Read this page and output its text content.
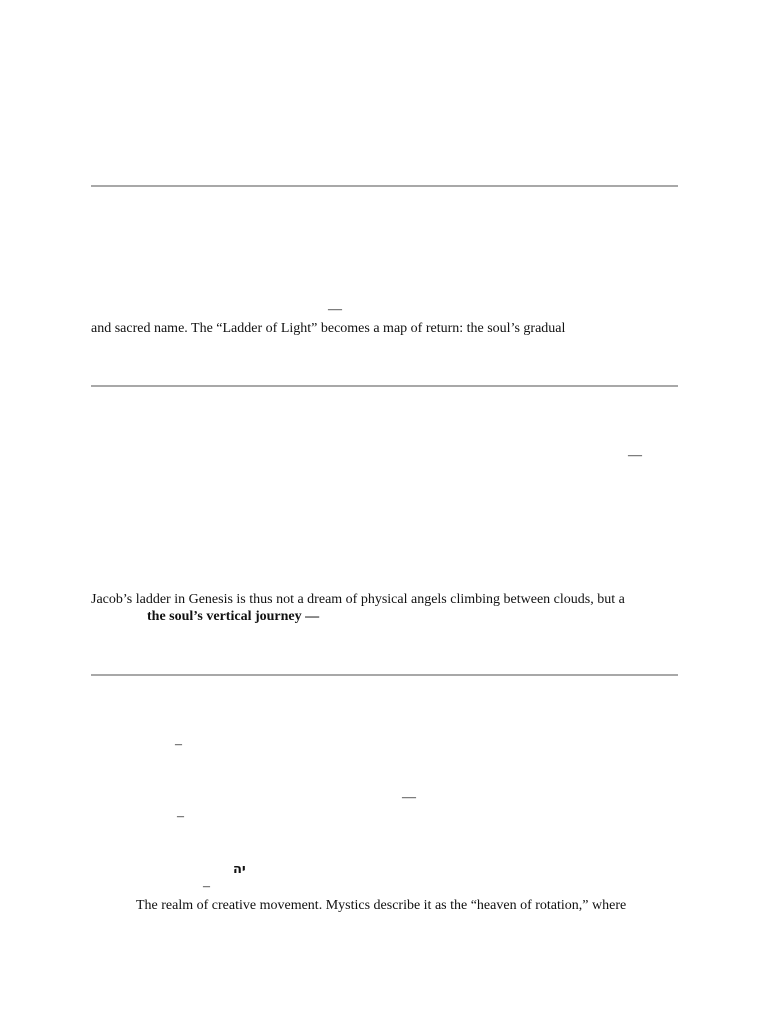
—
and sacred name. The “Ladder of Light” becomes a map of return: the soul’s gradual
—
Jacob’s ladder in Genesis is thus not a dream of physical angels climbing between clouds, but a
the soul’s vertical journey —
–
—
–
יה
–
The realm of creative movement. Mystics describe it as the “heaven of rotation,” where
